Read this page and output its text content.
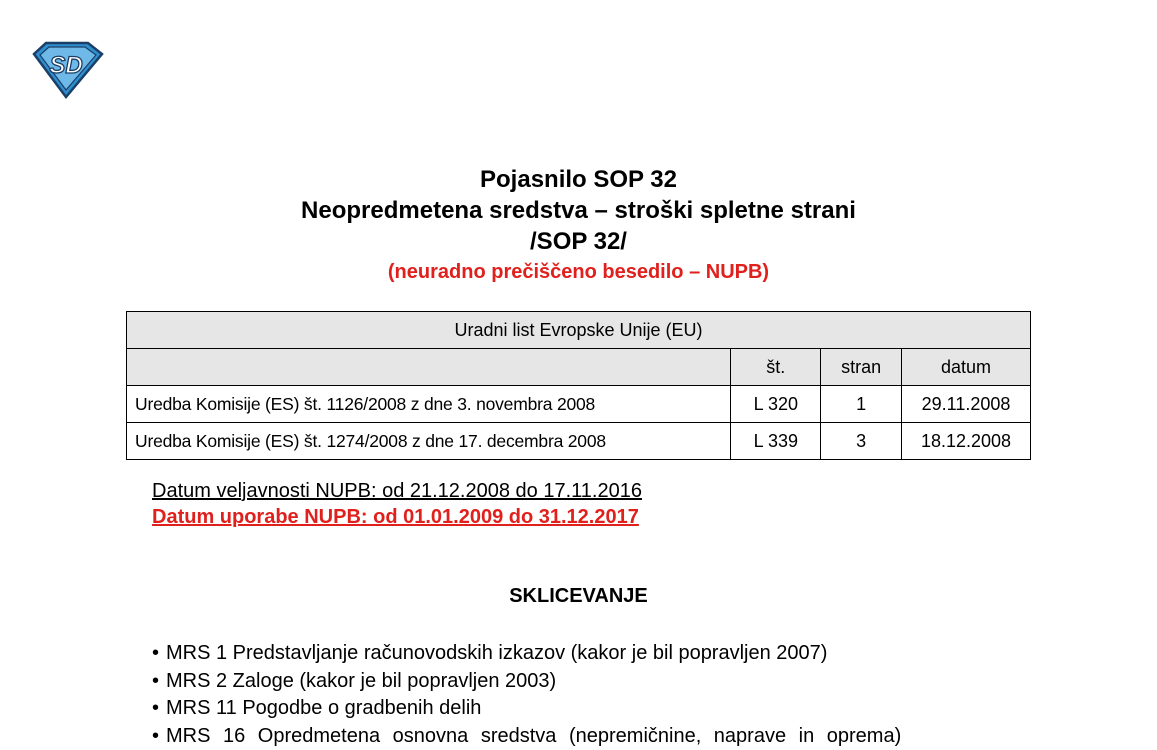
SD
Pojasnilo SOP 32
Neopredmetena sredstva – stroški spletne strani
/SOP 32/
(neuradno prečiščeno besedilo – NUPB)
Uradni list Evropske Unije (EU)			
	št.	stran	datum
Uredba Komisije (ES) št. 1126/2008 z dne 3. novembra 2008	L 320	1	29.11.2008
Uredba Komisije (ES) št. 1274/2008 z dne 17. decembra 2008	L 339	3	18.12.2008
Datum veljavnosti NUPB: od 21.12.2008 do 17.11.2016
Datum uporabe NUPB: od 01.01.2009 do 31.12.2017
SKLICEVANJE
• MRS 1 Predstavljanje računovodskih izkazov (kakor je bil popravljen 2007)
• MRS 2 Zaloge (kakor je bil popravljen 2003)
• MRS 11 Pogodbe o gradbenih delih
• MRS 16 Opredmetena osnovna sredstva (nepremičnine, naprave in oprema)
